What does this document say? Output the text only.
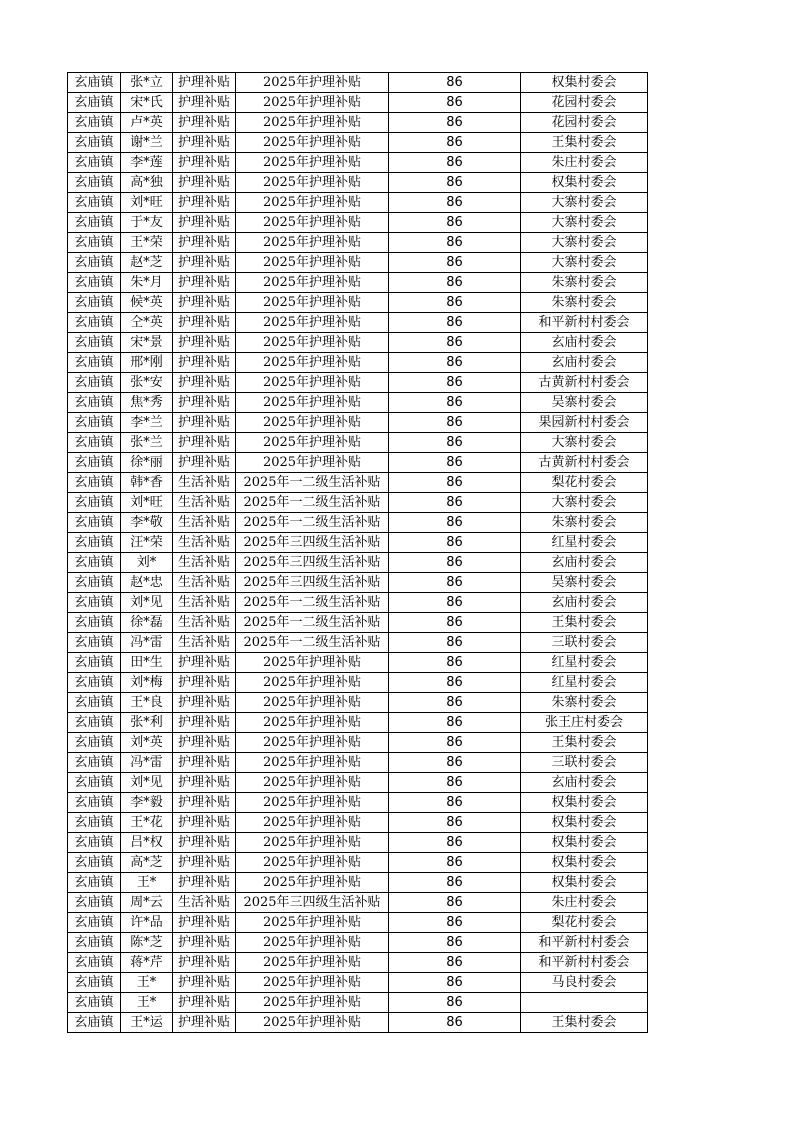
玄庙镇	张*立	护理补贴	2025年护理补贴	86	权集村委会
玄庙镇	宋*氏	护理补贴	2025年护理补贴	86	花园村委会
玄庙镇	卢*英	护理补贴	2025年护理补贴	86	花园村委会
玄庙镇	谢*兰	护理补贴	2025年护理补贴	86	王集村委会
玄庙镇	李*莲	护理补贴	2025年护理补贴	86	朱庄村委会
玄庙镇	高*独	护理补贴	2025年护理补贴	86	权集村委会
玄庙镇	刘*旺	护理补贴	2025年护理补贴	86	大寨村委会
玄庙镇	于*友	护理补贴	2025年护理补贴	86	大寨村委会
玄庙镇	王*荣	护理补贴	2025年护理补贴	86	大寨村委会
玄庙镇	赵*芝	护理补贴	2025年护理补贴	86	大寨村委会
玄庙镇	朱*月	护理补贴	2025年护理补贴	86	朱寨村委会
玄庙镇	候*英	护理补贴	2025年护理补贴	86	朱寨村委会
玄庙镇	仝*英	护理补贴	2025年护理补贴	86	和平新村村委会
玄庙镇	宋*景	护理补贴	2025年护理补贴	86	玄庙村委会
玄庙镇	邢*刚	护理补贴	2025年护理补贴	86	玄庙村委会
玄庙镇	张*安	护理补贴	2025年护理补贴	86	古黄新村村委会
玄庙镇	焦*秀	护理补贴	2025年护理补贴	86	吴寨村委会
玄庙镇	李*兰	护理补贴	2025年护理补贴	86	果园新村村委会
玄庙镇	张*兰	护理补贴	2025年护理补贴	86	大寨村委会
玄庙镇	徐*丽	护理补贴	2025年护理补贴	86	古黄新村村委会
玄庙镇	韩*香	生活补贴	2025年一二级生活补贴	86	梨花村委会
玄庙镇	刘*旺	生活补贴	2025年一二级生活补贴	86	大寨村委会
玄庙镇	李*敬	生活补贴	2025年一二级生活补贴	86	朱寨村委会
玄庙镇	汪*荣	生活补贴	2025年三四级生活补贴	86	红星村委会
玄庙镇	刘*	生活补贴	2025年三四级生活补贴	86	玄庙村委会
玄庙镇	赵*忠	生活补贴	2025年三四级生活补贴	86	吴寨村委会
玄庙镇	刘*见	生活补贴	2025年一二级生活补贴	86	玄庙村委会
玄庙镇	徐*磊	生活补贴	2025年一二级生活补贴	86	王集村委会
玄庙镇	冯*雷	生活补贴	2025年一二级生活补贴	86	三联村委会
玄庙镇	田*生	护理补贴	2025年护理补贴	86	红星村委会
玄庙镇	刘*梅	护理补贴	2025年护理补贴	86	红星村委会
玄庙镇	王*良	护理补贴	2025年护理补贴	86	朱寨村委会
玄庙镇	张*利	护理补贴	2025年护理补贴	86	张王庄村委会
玄庙镇	刘*英	护理补贴	2025年护理补贴	86	王集村委会
玄庙镇	冯*雷	护理补贴	2025年护理补贴	86	三联村委会
玄庙镇	刘*见	护理补贴	2025年护理补贴	86	玄庙村委会
玄庙镇	李*毅	护理补贴	2025年护理补贴	86	权集村委会
玄庙镇	王*花	护理补贴	2025年护理补贴	86	权集村委会
玄庙镇	吕*权	护理补贴	2025年护理补贴	86	权集村委会
玄庙镇	高*芝	护理补贴	2025年护理补贴	86	权集村委会
玄庙镇	王*	护理补贴	2025年护理补贴	86	权集村委会
玄庙镇	周*云	生活补贴	2025年三四级生活补贴	86	朱庄村委会
玄庙镇	许*品	护理补贴	2025年护理补贴	86	梨花村委会
玄庙镇	陈*芝	护理补贴	2025年护理补贴	86	和平新村村委会
玄庙镇	蒋*芹	护理补贴	2025年护理补贴	86	和平新村村委会
玄庙镇	王*	护理补贴	2025年护理补贴	86	马良村委会
玄庙镇	王*	护理补贴	2025年护理补贴	86	
玄庙镇	王*运	护理补贴	2025年护理补贴	86	王集村委会
